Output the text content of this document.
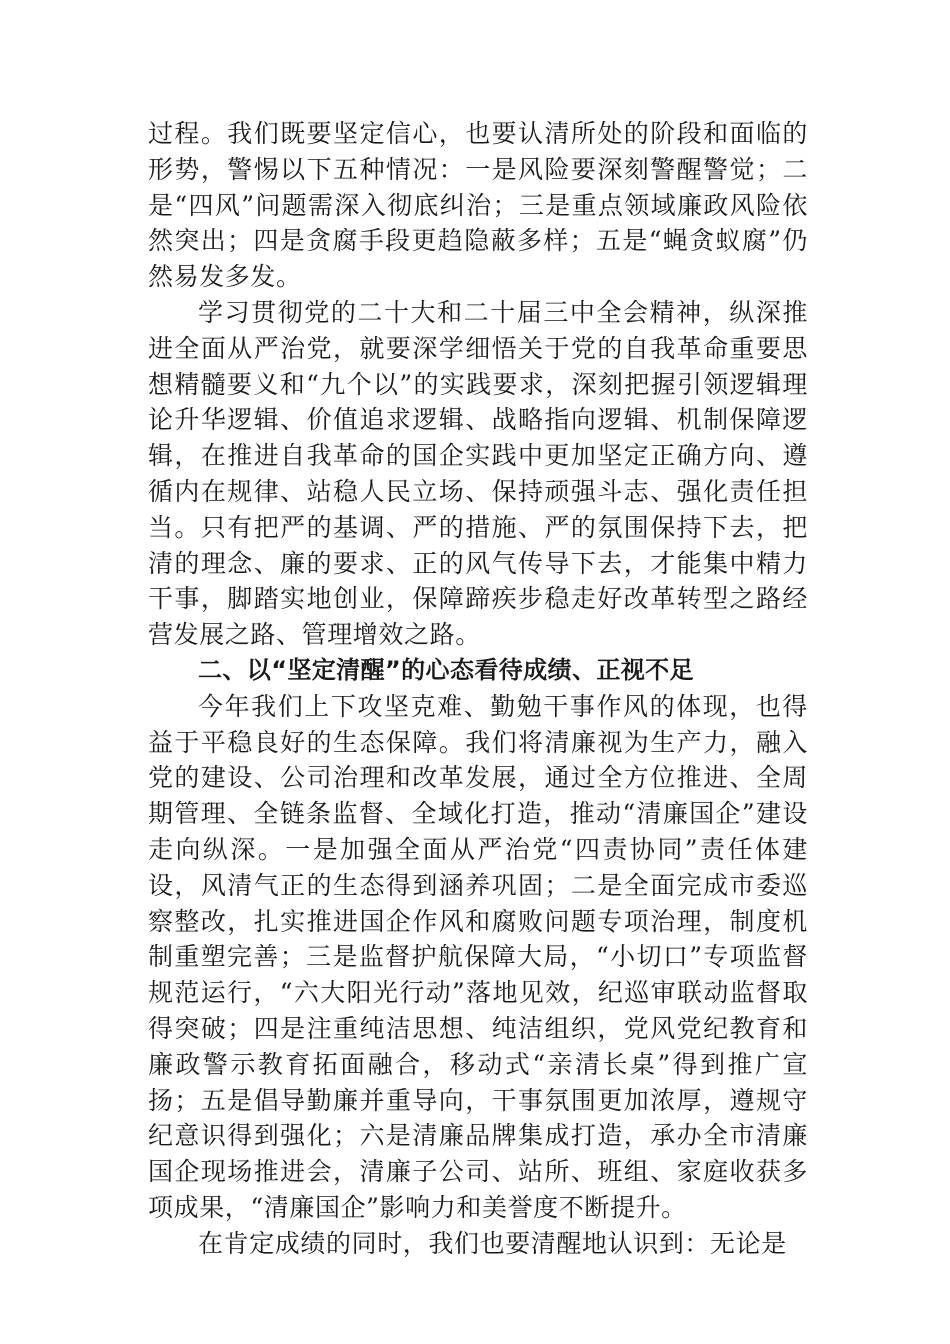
过程。我们既要坚定信心，也要认清所处的阶段和面临的形势，警惕以下五种情况：一是风险要深刻警醒警觉；二是“四风”问题需深入彻底纠治；三是重点领域廉政风险依然突出；四是贪腐手段更趋隐蔽多样；五是“蝇贪蚁腐”仍然易发多发。

学习贯彻党的二十大和二十届三中全会精神，纵深推进全面从严治党，就要深学细悟关于党的自我革命重要思想精髓要义和“九个以”的实践要求，深刻把握引领逻辑理论升华逻辑、价值追求逻辑、战略指向逻辑、机制保障逻辑，在推进自我革命的国企实践中更加坚定正确方向、遵循内在规律、站稳人民立场、保持顽强斗志、强化责任担当。只有把严的基调、严的措施、严的氛围保持下去，把清的理念、廉的要求、正的风气传导下去，才能集中精力干事，脚踏实地创业，保障蹄疾步稳走好改革转型之路经营发展之路、管理增效之路。

二、以“坚定清醒”的心态看待成绩、正视不足

今年我们上下攻坚克难、勤勉干事作风的体现，也得益于平稳良好的生态保障。我们将清廉视为生产力，融入党的建设、公司治理和改革发展，通过全方位推进、全周期管理、全链条监督、全域化打造，推动“清廉国企”建设走向纵深。一是加强全面从严治党“四责协同”责任体建设，风清气正的生态得到涵养巩固；二是全面完成市委巡察整改，扎实推进国企作风和腐败问题专项治理，制度机制重塑完善；三是监督护航保障大局，“小切口”专项监督规范运行，“六大阳光行动”落地见效，纪巡审联动监督取得突破；四是注重纯洁思想、纯洁组织，党风党纪教育和廉政警示教育拓面融合，移动式“亲清长桌”得到推广宣扬；五是倡导勤廉并重导向，干事氛围更加浓厚，遵规守纪意识得到强化；六是清廉品牌集成打造，承办全市清廉国企现场推进会，清廉子公司、站所、班组、家庭收获多项成果，“清廉国企”影响力和美誉度不断提升。

在肯定成绩的同时，我们也要清醒地认识到：无论是
